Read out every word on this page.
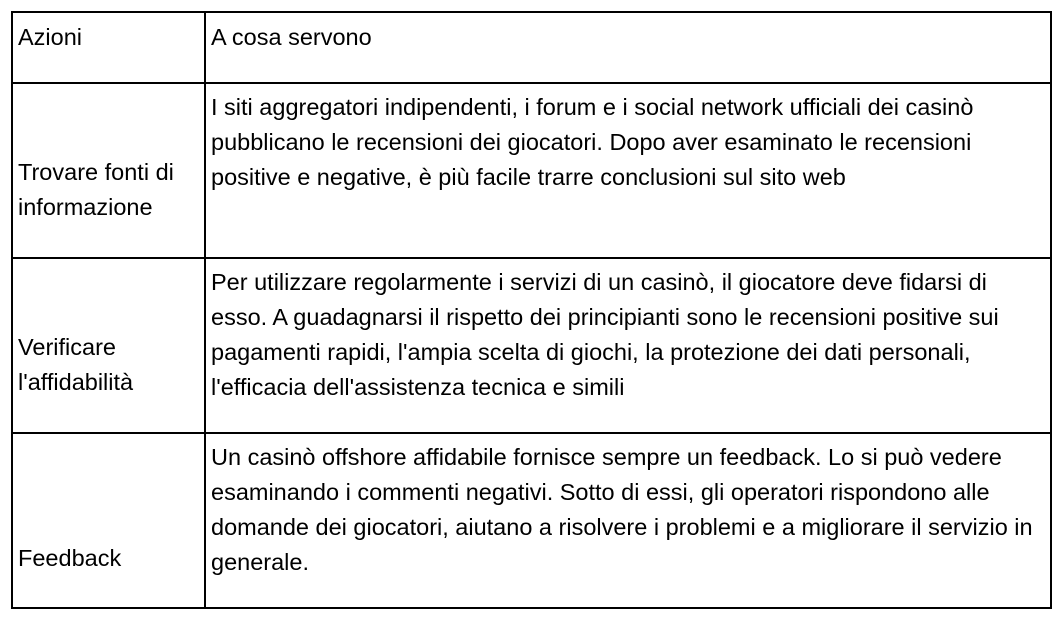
Azioni	A cosa servono
Trovare fonti di informazione	I siti aggregatori indipendenti, i forum e i social network ufficiali dei casinò pubblicano le recensioni dei giocatori. Dopo aver esaminato le recensioni positive e negative, è più facile trarre conclusioni sul sito web
Verificare l'affidabilità	Per utilizzare regolarmente i servizi di un casinò, il giocatore deve fidarsi di esso. A guadagnarsi il rispetto dei principianti sono le recensioni positive sui pagamenti rapidi, l'ampia scelta di giochi, la protezione dei dati personali, l'efficacia dell'assistenza tecnica e simili
Feedback	Un casinò offshore affidabile fornisce sempre un feedback. Lo si può vedere esaminando i commenti negativi. Sotto di essi, gli operatori rispondono alle domande dei giocatori, aiutano a risolvere i problemi e a migliorare il servizio in generale.
